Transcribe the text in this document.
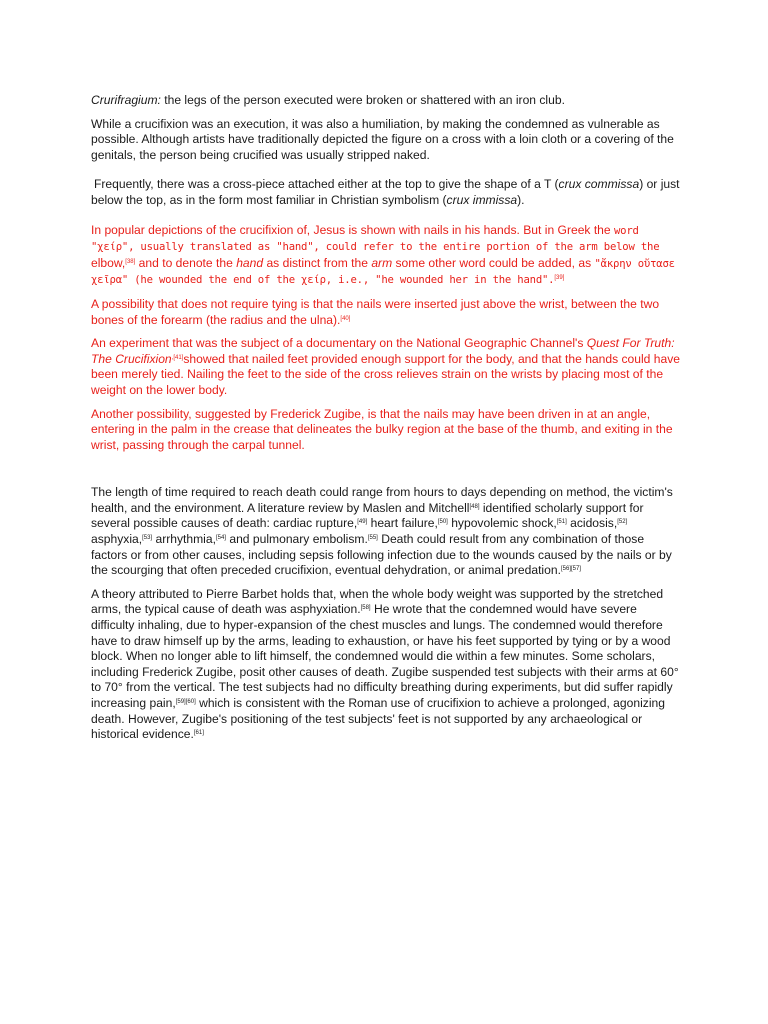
Crurifragium: the legs of the person executed were broken or shattered with an iron club.

While a crucifixion was an execution, it was also a humiliation, by making the condemned as vulnerable as possible. Although artists have traditionally depicted the figure on a cross with a loin cloth or a covering of the genitals, the person being crucified was usually stripped naked.

Frequently, there was a cross-piece attached either at the top to give the shape of a T (crux commissa) or just below the top, as in the form most familiar in Christian symbolism (crux immissa).

In popular depictions of the crucifixion of, Jesus is shown with nails in his hands. But in Greek the word "χείρ", usually translated as "hand", could refer to the entire portion of the arm below the elbow,[38] and to denote the hand as distinct from the arm some other word could be added, as "ἄκρην οὔτασε χεῖρα" (he wounded the end of the χείρ, i.e., "he wounded her in the hand".[39]

A possibility that does not require tying is that the nails were inserted just above the wrist, between the two bones of the forearm (the radius and the ulna).[40]

An experiment that was the subject of a documentary on the National Geographic Channel's Quest For Truth: The Crucifixion$^{,[41]}$showed that nailed feet provided enough support for the body, and that the hands could have been merely tied. Nailing the feet to the side of the cross relieves strain on the wrists by placing most of the weight on the lower body.

Another possibility, suggested by Frederick Zugibe, is that the nails may have been driven in at an angle, entering in the palm in the crease that delineates the bulky region at the base of the thumb, and exiting in the wrist, passing through the carpal tunnel.

The length of time required to reach death could range from hours to days depending on method, the victim's health, and the environment. A literature review by Maslen and Mitchell[48] identified scholarly support for several possible causes of death: cardiac rupture,[49] heart failure,[50] hypovolemic shock,[51] acidosis,[52] asphyxia,[53] arrhythmia,[54] and pulmonary embolism.[55] Death could result from any combination of those factors or from other causes, including sepsis following infection due to the wounds caused by the nails or by the scourging that often preceded crucifixion, eventual dehydration, or animal predation.[56][57]

A theory attributed to Pierre Barbet holds that, when the whole body weight was supported by the stretched arms, the typical cause of death was asphyxiation.[58] He wrote that the condemned would have severe difficulty inhaling, due to hyper-expansion of the chest muscles and lungs. The condemned would therefore have to draw himself up by the arms, leading to exhaustion, or have his feet supported by tying or by a wood block. When no longer able to lift himself, the condemned would die within a few minutes. Some scholars, including Frederick Zugibe, posit other causes of death. Zugibe suspended test subjects with their arms at 60° to 70° from the vertical. The test subjects had no difficulty breathing during experiments, but did suffer rapidly increasing pain,[59][60] which is consistent with the Roman use of crucifixion to achieve a prolonged, agonizing death. However, Zugibe's positioning of the test subjects' feet is not supported by any archaeological or historical evidence.[61]
